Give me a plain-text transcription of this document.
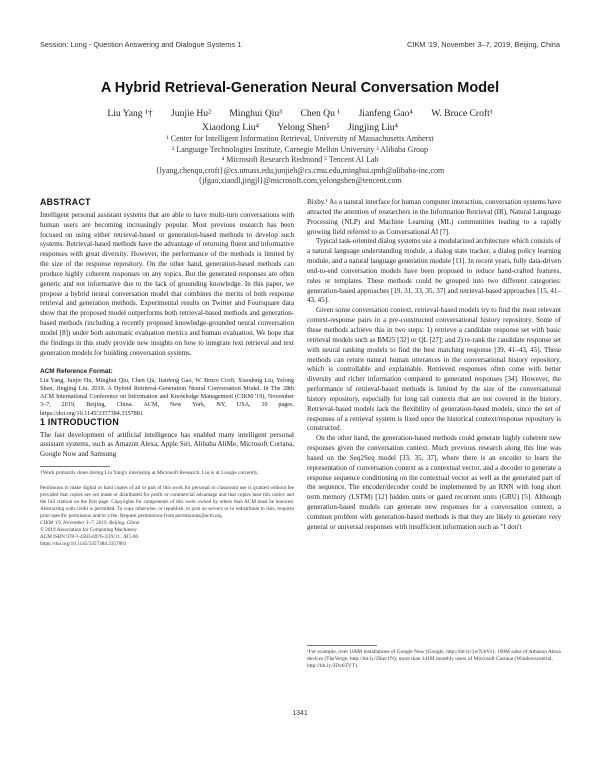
Session: Long - Question Answering and Dialogue Systems 1	CIKM '19, November 3–7, 2019, Beijing, China
A Hybrid Retrieval-Generation Neural Conversation Model
Liu Yang ¹† Junjie Hu² Minghui Qiu³ Chen Qu ¹ Jianfeng Gao⁴ W. Bruce Croft¹
Xiaodong Liu⁴ Yelong Shen⁵ Jingjing Liu⁴
¹ Center for Intelligent Information Retrieval, University of Massachusetts Amherst
² Language Technologies Institute, Carnegie Mellon University ³ Alibaba Group
⁴ Microsoft Research Redmond ⁵ Tencent AI Lab
{lyang,chenqu,croft}@cs.umass.edu,junjieh@cs.cmu.edu,minghui.qmh@alibaba-inc.com
{jfgao,xiaodl,jingjl}@microsoft.com,yelongshen@tencent.com
ABSTRACT

Intelligent personal assistant systems that are able to have multi-turn conversations with human users are becoming increasingly popular. Most previous research has been focused on using either retrieval-based or generation-based methods to develop such systems. Retrieval-based methods have the advantage of returning fluent and informative responses with great diversity. However, the performance of the methods is limited by the size of the response repository. On the other hand, generation-based methods can produce highly coherent responses on any topics. But the generated responses are often generic and not informative due to the lack of grounding knowledge. In this paper, we propose a hybrid neural conversation model that combines the merits of both response retrieval and generation methods. Experimental results on Twitter and Foursquare data show that the proposed model outperforms both retrieval-based methods and generation-based methods (including a recently proposed knowledge-grounded neural conversation model [8]) under both automatic evaluation metrics and human evaluation. We hope that the findings in this study provide new insights on how to integrate text retrieval and text generation models for building conversation systems.

ACM Reference Format:
Liu Yang, Junjie Hu, Minghui Qiu, Chen Qu, Jianfeng Gao, W. Bruce Croft, Xiaodong Liu, Yelong Shen, Jingjing Liu. 2019. A Hybrid Retrieval-Generation Neural Conversation Model. In The 28th ACM International Conference on Information and Knowledge Management (CIKM '19), November 3–7, 2019, Beijing, China. ACM, New York, NY, USA, 10 pages. https://doi.org/10.1145/3357384.3357881
1 INTRODUCTION

The fast development of artificial intelligence has enabled many intelligent personal assistant systems, such as Amazon Alexa, Apple Siri, Alibaba AliMe, Microsoft Cortana, Google Now and Samsung

†Work primarily done during Liu Yang's internship at Microsoft Research. Liu is at Google currently.
Permission to make digital or hard copies of all or part of this work for personal or classroom use is granted without fee provided that copies are not made or distributed for profit or commercial advantage and that copies bear this notice and the full citation on the first page. Copyrights for components of this work owned by others than ACM must be honored. Abstracting with credit is permitted. To copy otherwise, or republish, to post on servers or to redistribute to lists, requires prior specific permission and/or a fee. Request permissions from permissions@acm.org.
CIKM '19, November 3–7, 2019, Beijing, China
© 2019 Association for Computing Machinery.
ACM ISBN 978-1-4503-6976-3/19/11...$15.00
https://doi.org/10.1145/3357384.3357881

Bixby.¹ As a natural interface for human computer interaction, conversation systems have attracted the attention of researchers in the Information Retrieval (IR), Natural Language Processing (NLP) and Machine Learning (ML) communities leading to a rapidly growing field referred to as Conversational AI [7].

Typical task-oriented dialog systems use a modularized architecture which consists of a natural language understanding module, a dialog state tracker, a dialog policy learning module, and a natural language generation module [11]. In recent years, fully data-driven end-to-end conversation models have been proposed to reduce hand-crafted features, rules or templates. These methods could be grouped into two different categories: generation-based approaches [19, 31, 33, 35, 37] and retrieval-based approaches [15, 41–43, 45].

Given some conversation context, retrieval-based models try to find the most relevant context-response pairs in a pre-constructed conversational history repository. Some of these methods achieve this in two steps: 1) retrieve a candidate response set with basic retrieval models such as BM25 [32] or QL [27]; and 2) re-rank the candidate response set with neural ranking models to find the best matching response [39, 41–43, 45]. These methods can return natural human utterances in the conversational history repository, which is controllable and explainable. Retrieved responses often come with better diversity and richer information compared to generated responses [34]. However, the performance of retrieval-based methods is limited by the size of the conversational history repository, especially for long tail contexts that are not covered in the history. Retrieval-based models lack the flexibility of generation-based models, since the set of responses of a retrieval system is fixed once the historical context/response repository is constructed.

On the other hand, the generation-based methods could generate highly coherent new responses given the conversation context. Much previous research along this line was based on the Seq2Seq model [33, 35, 37], where there is an encoder to learn the representation of conversation context as a contextual vector, and a decoder to generate a response sequence conditioning on the contextual vector as well as the generated part of the sequence. The encoder/decoder could be implemented by an RNN with long short term memory (LSTM) [12] hidden units or gated recurrent units (GRU) [5]. Although generation-based models can generate new responses for a conversation context, a common problem with generation-based methods is that they are likely to generate very general or universal responses with insufficient information such as "I don't

¹For example, over 100M installations of Google Now (Google, http://bit.ly/1wTckVs); 100M sales of Amazon Alexa devices (TheVerge, http://bit.ly/2Ibzc1N); more than 141M monthly users of Microsoft Cortana (Windowscentral, http://bit.ly/2Dv6TVT).
1341
